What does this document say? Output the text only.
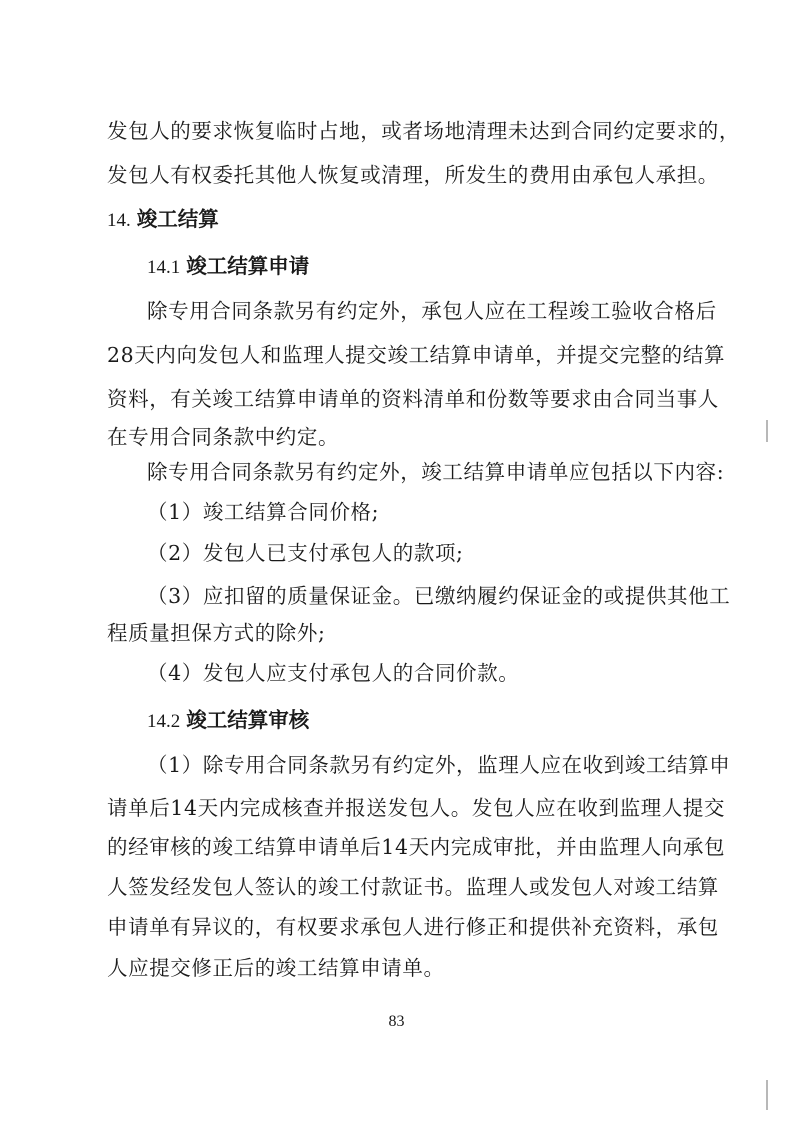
发包人的要求恢复临时占地，或者场地清理未达到合同约定要求的，
发包人有权委托其他人恢复或清理，所发生的费用由承包人承担。
14. 竣工结算
14.1 竣工结算申请
除专用合同条款另有约定外，承包人应在工程竣工验收合格后
28天内向发包人和监理人提交竣工结算申请单，并提交完整的结算
资料，有关竣工结算申请单的资料清单和份数等要求由合同当事人
在专用合同条款中约定。
除专用合同条款另有约定外，竣工结算申请单应包括以下内容:
（1）竣工结算合同价格;
（2）发包人已支付承包人的款项;
（3）应扣留的质量保证金。已缴纳履约保证金的或提供其他工
程质量担保方式的除外;
（4）发包人应支付承包人的合同价款。
14.2 竣工结算审核
（1）除专用合同条款另有约定外，监理人应在收到竣工结算申
请单后14天内完成核查并报送发包人。发包人应在收到监理人提交
的经审核的竣工结算申请单后14天内完成审批，并由监理人向承包
人签发经发包人签认的竣工付款证书。监理人或发包人对竣工结算
申请单有异议的，有权要求承包人进行修正和提供补充资料，承包
人应提交修正后的竣工结算申请单。
83
